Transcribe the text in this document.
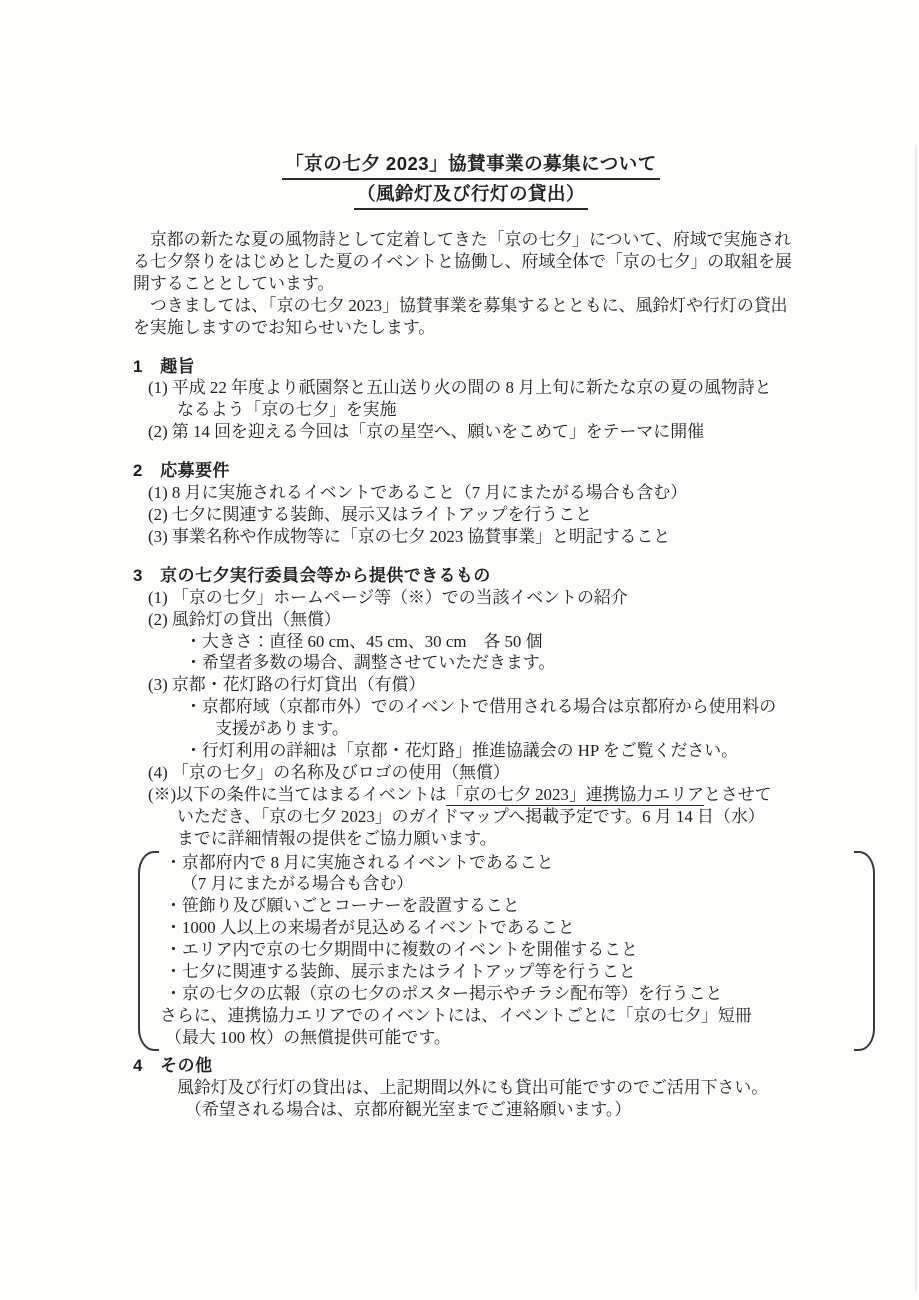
「京の七夕 2023」協賛事業の募集について
（風鈴灯及び行灯の貸出）
　京都の新たな夏の風物詩として定着してきた「京の七夕」について、府域で実施され
る七夕祭りをはじめとした夏のイベントと協働し、府域全体で「京の七夕」の取組を展
開することとしています。
　つきましては、「京の七夕 2023」協賛事業を募集するとともに、風鈴灯や行灯の貸出
を実施しますのでお知らせいたします。
1　趣旨
(1) 平成 22 年度より祇園祭と五山送り火の間の 8 月上旬に新たな京の夏の風物詩と
なるよう「京の七夕」を実施
(2) 第 14 回を迎える今回は「京の星空へ、願いをこめて」をテーマに開催
2　応募要件
(1) 8 月に実施されるイベントであること（7 月にまたがる場合も含む）
(2) 七夕に関連する装飾、展示又はライトアップを行うこと
(3) 事業名称や作成物等に「京の七夕 2023 協賛事業」と明記すること
3　京の七夕実行委員会等から提供できるもの
(1) 「京の七夕」ホームページ等（※）での当該イベントの紹介
(2) 風鈴灯の貸出（無償）
・大きさ：直径 60 cm、45 cm、30 cm　各 50 個
・希望者多数の場合、調整させていただきます。
(3) 京都・花灯路の行灯貸出（有償）
・京都府域（京都市外）でのイベントで借用される場合は京都府から使用料の
支援があります。
・行灯利用の詳細は「京都・花灯路」推進協議会の HP をご覧ください。
(4) 「京の七夕」の名称及びロゴの使用（無償）
(※)以下の条件に当てはまるイベントは「京の七夕 2023」連携協力エリアとさせて
いただき、「京の七夕 2023」のガイドマップへ掲載予定です。6 月 14 日（水）
までに詳細情報の提供をご協力願います。
・京都府内で 8 月に実施されるイベントであること
（7 月にまたがる場合も含む）
・笹飾り及び願いごとコーナーを設置すること
・1000 人以上の来場者が見込めるイベントであること
・エリア内で京の七夕期間中に複数のイベントを開催すること
・七夕に関連する装飾、展示またはライトアップ等を行うこと
・京の七夕の広報（京の七夕のポスター掲示やチラシ配布等）を行うこと
さらに、連携協力エリアでのイベントには、イベントごとに「京の七夕」短冊
（最大 100 枚）の無償提供可能です。
4　その他
風鈴灯及び行灯の貸出は、上記期間以外にも貸出可能ですのでご活用下さい。
（希望される場合は、京都府観光室までご連絡願います。）
